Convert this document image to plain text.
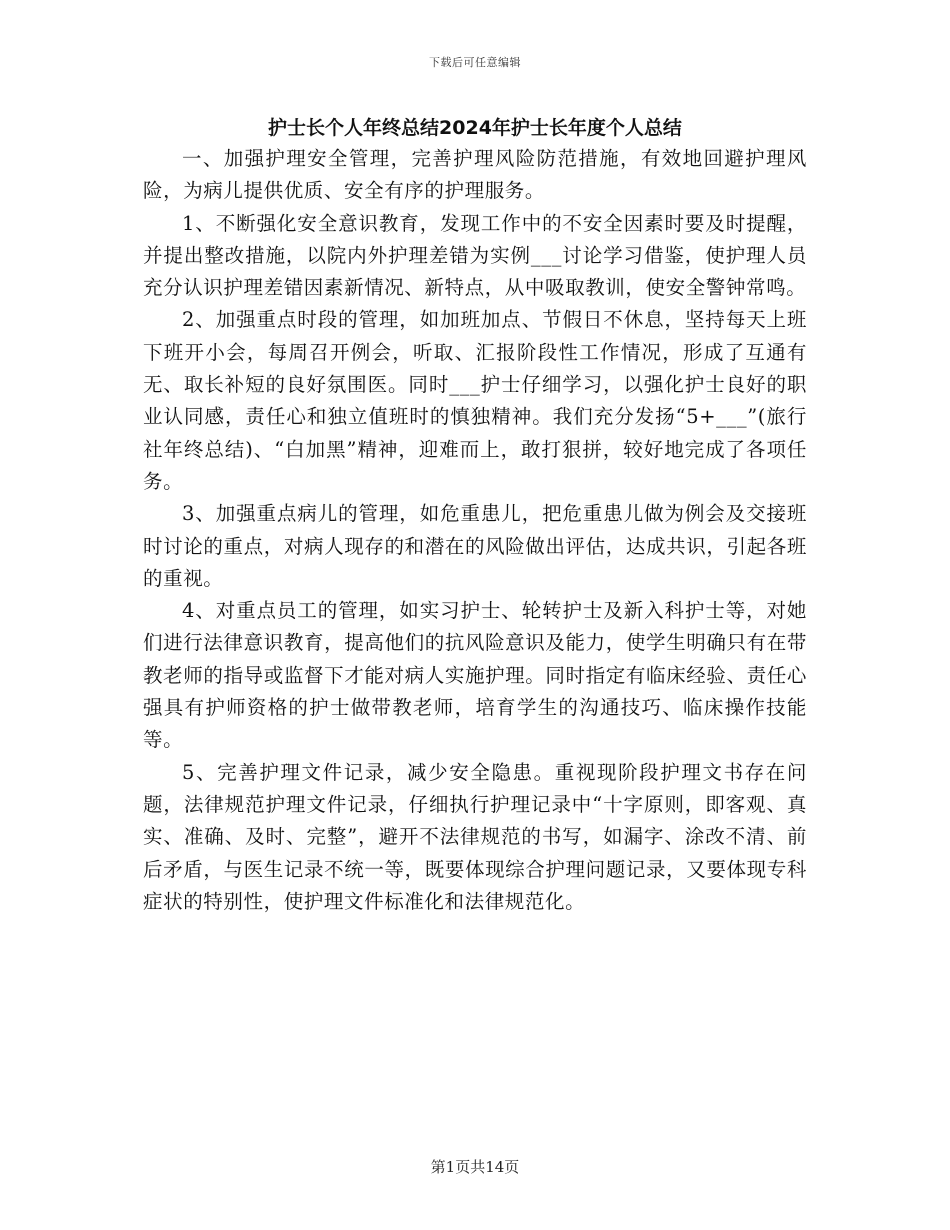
下载后可任意编辑
护士长个人年终总结2024年护士长年度个人总结

一、加强护理安全管理，完善护理风险防范措施，有效地回避护理风险，为病儿提供优质、安全有序的护理服务。

1、不断强化安全意识教育，发现工作中的不安全因素时要及时提醒，并提出整改措施，以院内外护理差错为实例___讨论学习借鉴，使护理人员充分认识护理差错因素新情况、新特点，从中吸取教训，使安全警钟常鸣。

2、加强重点时段的管理，如加班加点、节假日不休息，坚持每天上班下班开小会，每周召开例会，听取、汇报阶段性工作情况，形成了互通有无、取长补短的良好氛围医。同时___护士仔细学习，以强化护士良好的职业认同感，责任心和独立值班时的慎独精神。我们充分发扬“5+___”(旅行社年终总结)、“白加黑”精神，迎难而上，敢打狠拼，较好地完成了各项任务。

3、加强重点病儿的管理，如危重患儿，把危重患儿做为例会及交接班时讨论的重点，对病人现存的和潜在的风险做出评估，达成共识，引起各班的重视。

4、对重点员工的管理，如实习护士、轮转护士及新入科护士等，对她们进行法律意识教育，提高他们的抗风险意识及能力，使学生明确只有在带教老师的指导或监督下才能对病人实施护理。同时指定有临床经验、责任心强具有护师资格的护士做带教老师，培育学生的沟通技巧、临床操作技能等。

5、完善护理文件记录，减少安全隐患。重视现阶段护理文书存在问题，法律规范护理文件记录，仔细执行护理记录中“十字原则，即客观、真实、准确、及时、完整”，避开不法律规范的书写，如漏字、涂改不清、前后矛盾，与医生记录不统一等，既要体现综合护理问题记录，又要体现专科症状的特别性，使护理文件标准化和法律规范化。

第1页共14页
